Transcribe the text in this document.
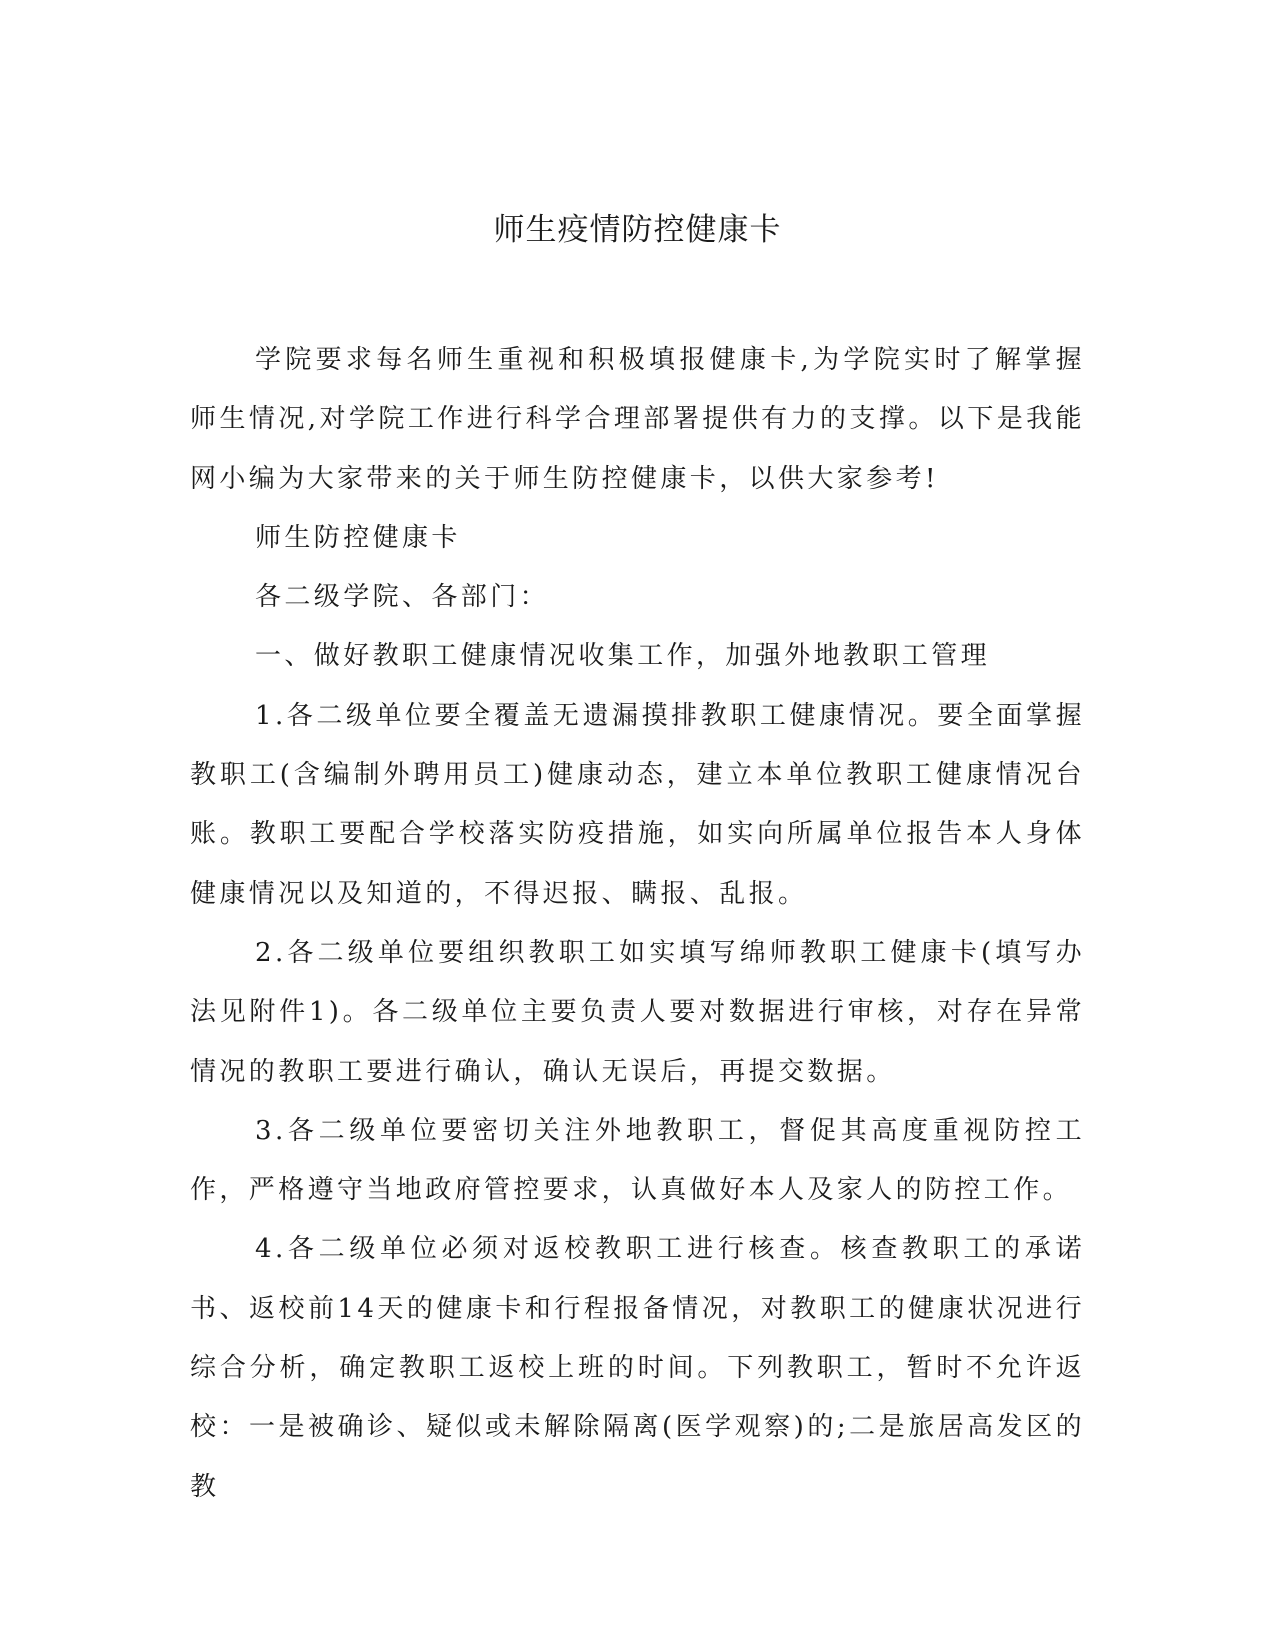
师生疫情防控健康卡

学院要求每名师生重视和积极填报健康卡,为学院实时了解掌握师生情况,对学院工作进行科学合理部署提供有力的支撑。以下是我能网小编为大家带来的关于师生防控健康卡，以供大家参考!

师生防控健康卡

各二级学院、各部门：

一、做好教职工健康情况收集工作，加强外地教职工管理

1.各二级单位要全覆盖无遗漏摸排教职工健康情况。要全面掌握教职工(含编制外聘用员工)健康动态，建立本单位教职工健康情况台账。教职工要配合学校落实防疫措施，如实向所属单位报告本人身体健康情况以及知道的，不得迟报、瞒报、乱报。

2.各二级单位要组织教职工如实填写绵师教职工健康卡(填写办法见附件1)。各二级单位主要负责人要对数据进行审核，对存在异常情况的教职工要进行确认，确认无误后，再提交数据。

3.各二级单位要密切关注外地教职工，督促其高度重视防控工作，严格遵守当地政府管控要求，认真做好本人及家人的防控工作。

4.各二级单位必须对返校教职工进行核查。核查教职工的承诺书、返校前14天的健康卡和行程报备情况，对教职工的健康状况进行综合分析，确定教职工返校上班的时间。下列教职工，暂时不允许返校：一是被确诊、疑似或未解除隔离(医学观察)的;二是旅居高发区的教
